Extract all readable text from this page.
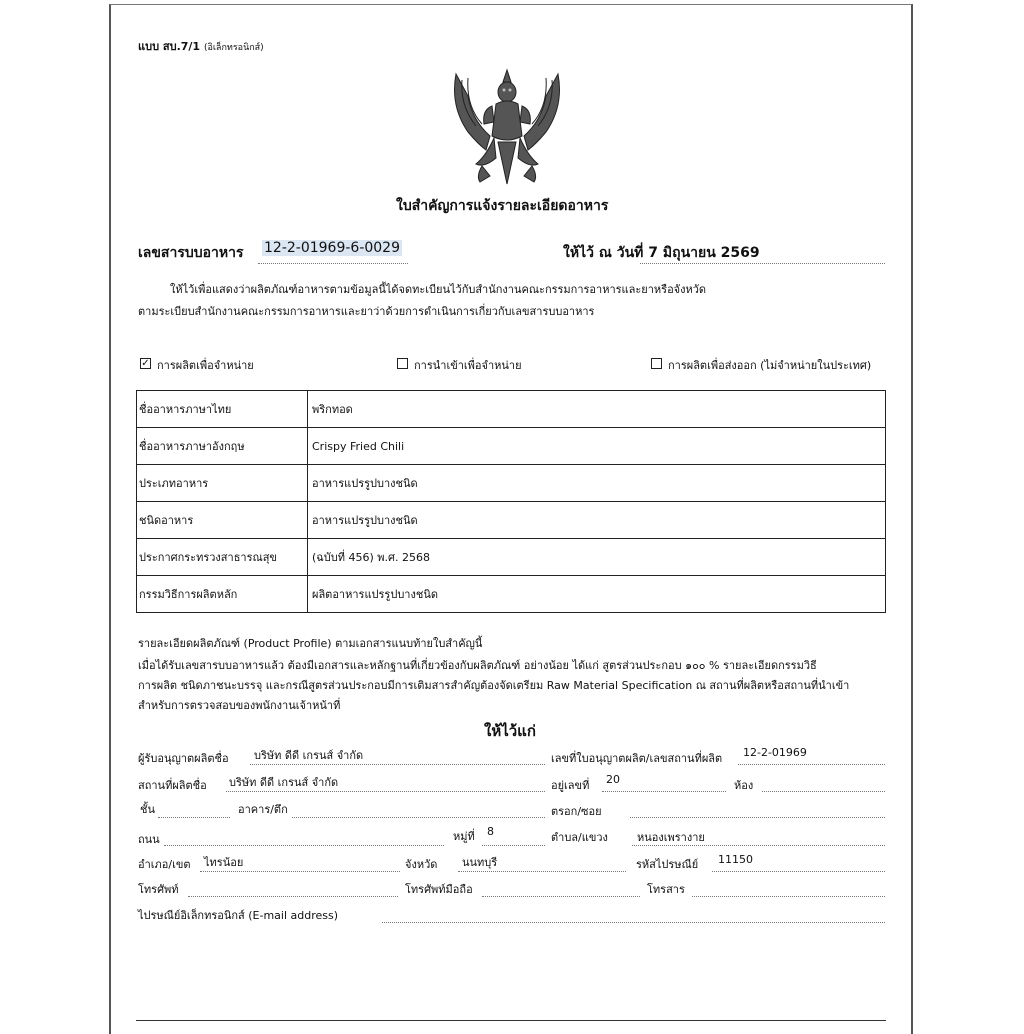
แบบ สบ.7/1 (อิเล็กทรอนิกส์)
ใบสำคัญการแจ้งรายละเอียดอาหาร
เลขสารบบอาหาร 12-2-01969-6-0029	ให้ไว้ ณ วันที่ 7 มิถุนายน 2569
ให้ไว้เพื่อแสดงว่าผลิตภัณฑ์อาหารตามข้อมูลนี้ได้จดทะเบียนไว้กับสำนักงานคณะกรรมการอาหารและยาหรือจังหวัด
ตามระเบียบสำนักงานคณะกรรมการอาหารและยาว่าด้วยการดำเนินการเกี่ยวกับเลขสารบบอาหาร
✓ การผลิตเพื่อจำหน่าย	การนำเข้าเพื่อจำหน่าย	การผลิตเพื่อส่งออก (ไม่จำหน่ายในประเทศ)
ชื่ออาหารภาษาไทย	พริกทอด
ชื่ออาหารภาษาอังกฤษ	Crispy Fried Chili
ประเภทอาหาร	อาหารแปรรูปบางชนิด
ชนิดอาหาร	อาหารแปรรูปบางชนิด
ประกาศกระทรวงสาธารณสุข	(ฉบับที่ 456) พ.ศ. 2568
กรรมวิธีการผลิตหลัก	ผลิตอาหารแปรรูปบางชนิด
รายละเอียดผลิตภัณฑ์ (Product Profile) ตามเอกสารแนบท้ายใบสำคัญนี้
เมื่อได้รับเลขสารบบอาหารแล้ว ต้องมีเอกสารและหลักฐานที่เกี่ยวข้องกับผลิตภัณฑ์ อย่างน้อย ได้แก่ สูตรส่วนประกอบ ๑๐๐ % รายละเอียดกรรมวิธี
การผลิต ชนิดภาชนะบรรจุ และกรณีสูตรส่วนประกอบมีการเติมสารสำคัญต้องจัดเตรียม Raw Material Specification ณ สถานที่ผลิตหรือสถานที่นำเข้า
สำหรับการตรวจสอบของพนักงานเจ้าหน้าที่
ให้ไว้แก่
ผู้รับอนุญาตผลิตชื่อ บริษัท ดีดี เกรนส์ จำกัด	เลขที่ใบอนุญาตผลิต/เลขสถานที่ผลิต 12-2-01969
สถานที่ผลิตชื่อ บริษัท ดีดี เกรนส์ จำกัด	อยู่เลขที่ 20	ห้อง
ชั้น	อาคาร/ตึก	ตรอก/ซอย
ถนน	หมู่ที่ 8	ตำบล/แขวง	หนองเพรางาย
อำเภอ/เขต ไทรน้อย	จังหวัด นนทบุรี	รหัสไปรษณีย์ 11150
โทรศัพท์	โทรศัพท์มือถือ	โทรสาร
ไปรษณีย์อิเล็กทรอนิกส์ (E-mail address)
